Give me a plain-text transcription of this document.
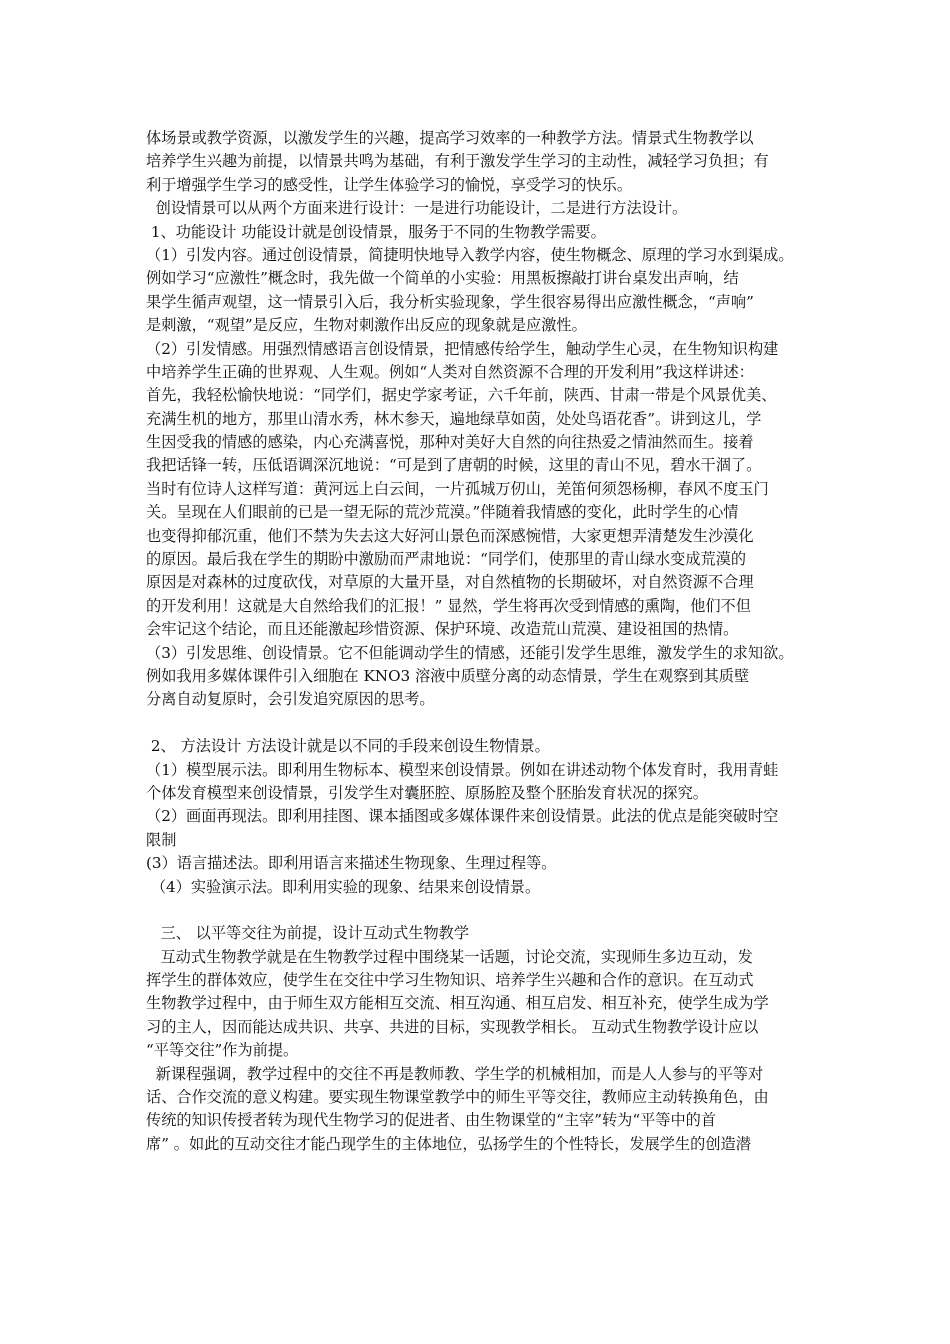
体场景或教学资源，以激发学生的兴趣，提高学习效率的一种教学方法。情景式生物教学以
培养学生兴趣为前提，以情景共鸣为基础，有利于激发学生学习的主动性，减轻学习负担；有
利于增强学生学习的感受性，让学生体验学习的愉悦，享受学习的快乐。
创设情景可以从两个方面来进行设计：一是进行功能设计，二是进行方法设计。
1、功能设计 功能设计就是创设情景，服务于不同的生物教学需要。
（1）引发内容。通过创设情景，简捷明快地导入教学内容，使生物概念、原理的学习水到渠成。
例如学习“应激性”概念时，我先做一个简单的小实验：用黑板擦敲打讲台桌发出声响，结
果学生循声观望，这一情景引入后，我分析实验现象，学生很容易得出应激性概念，“声响”
是刺激，“观望”是反应，生物对刺激作出反应的现象就是应激性。
（2）引发情感。用强烈情感语言创设情景，把情感传给学生，触动学生心灵，在生物知识构建
中培养学生正确的世界观、人生观。例如“人类对自然资源不合理的开发利用”我这样讲述：
首先，我轻松愉快地说：“同学们，据史学家考证，六千年前，陕西、甘肃一带是个风景优美、
充满生机的地方，那里山清水秀，林木参天，遍地绿草如茵，处处鸟语花香”。讲到这儿，学
生因受我的情感的感染，内心充满喜悦，那种对美好大自然的向往热爱之情油然而生。接着
我把话锋一转，压低语调深沉地说：“可是到了唐朝的时候，这里的青山不见，碧水干涸了。
当时有位诗人这样写道：黄河远上白云间，一片孤城万仞山，羌笛何须怨杨柳，春风不度玉门
关。呈现在人们眼前的已是一望无际的荒沙荒漠。”伴随着我情感的变化，此时学生的心情
也变得抑郁沉重，他们不禁为失去这大好河山景色而深感惋惜，大家更想弄清楚发生沙漠化
的原因。最后我在学生的期盼中激励而严肃地说：“同学们，使那里的青山绿水变成荒漠的
原因是对森林的过度砍伐，对草原的大量开垦，对自然植物的长期破坏，对自然资源不合理
的开发利用！这就是大自然给我们的汇报！” 显然，学生将再次受到情感的熏陶，他们不但
会牢记这个结论，而且还能激起珍惜资源、保护环境、改造荒山荒漠、建设祖国的热情。
（3）引发思维、创设情景。它不但能调动学生的情感，还能引发学生思维，激发学生的求知欲。
例如我用多媒体课件引入细胞在 KNO3 溶液中质壁分离的动态情景，学生在观察到其质壁
分离自动复原时，会引发追究原因的思考。
2、 方法设计 方法设计就是以不同的手段来创设生物情景。
（1）模型展示法。即利用生物标本、模型来创设情景。例如在讲述动物个体发育时，我用青蛙
个体发育模型来创设情景，引发学生对囊胚腔、原肠腔及整个胚胎发育状况的探究。
（2）画面再现法。即利用挂图、课本插图或多媒体课件来创设情景。此法的优点是能突破时空
限制
(3）语言描述法。即利用语言来描述生物现象、生理过程等。
（4）实验演示法。即利用实验的现象、结果来创设情景。
三、 以平等交往为前提，设计互动式生物教学
互动式生物教学就是在生物教学过程中围绕某一话题，讨论交流，实现师生多边互动，发
挥学生的群体效应，使学生在交往中学习生物知识、培养学生兴趣和合作的意识。在互动式
生物教学过程中，由于师生双方能相互交流、相互沟通、相互启发、相互补充，使学生成为学
习的主人，因而能达成共识、共享、共进的目标，实现教学相长。 互动式生物教学设计应以
“平等交往”作为前提。
新课程强调，教学过程中的交往不再是教师教、学生学的机械相加，而是人人参与的平等对
话、合作交流的意义构建。要实现生物课堂教学中的师生平等交往，教师应主动转换角色，由
传统的知识传授者转为现代生物学习的促进者、由生物课堂的“主宰”转为“平等中的首
席” 。如此的互动交往才能凸现学生的主体地位，弘扬学生的个性特长，发展学生的创造潜
